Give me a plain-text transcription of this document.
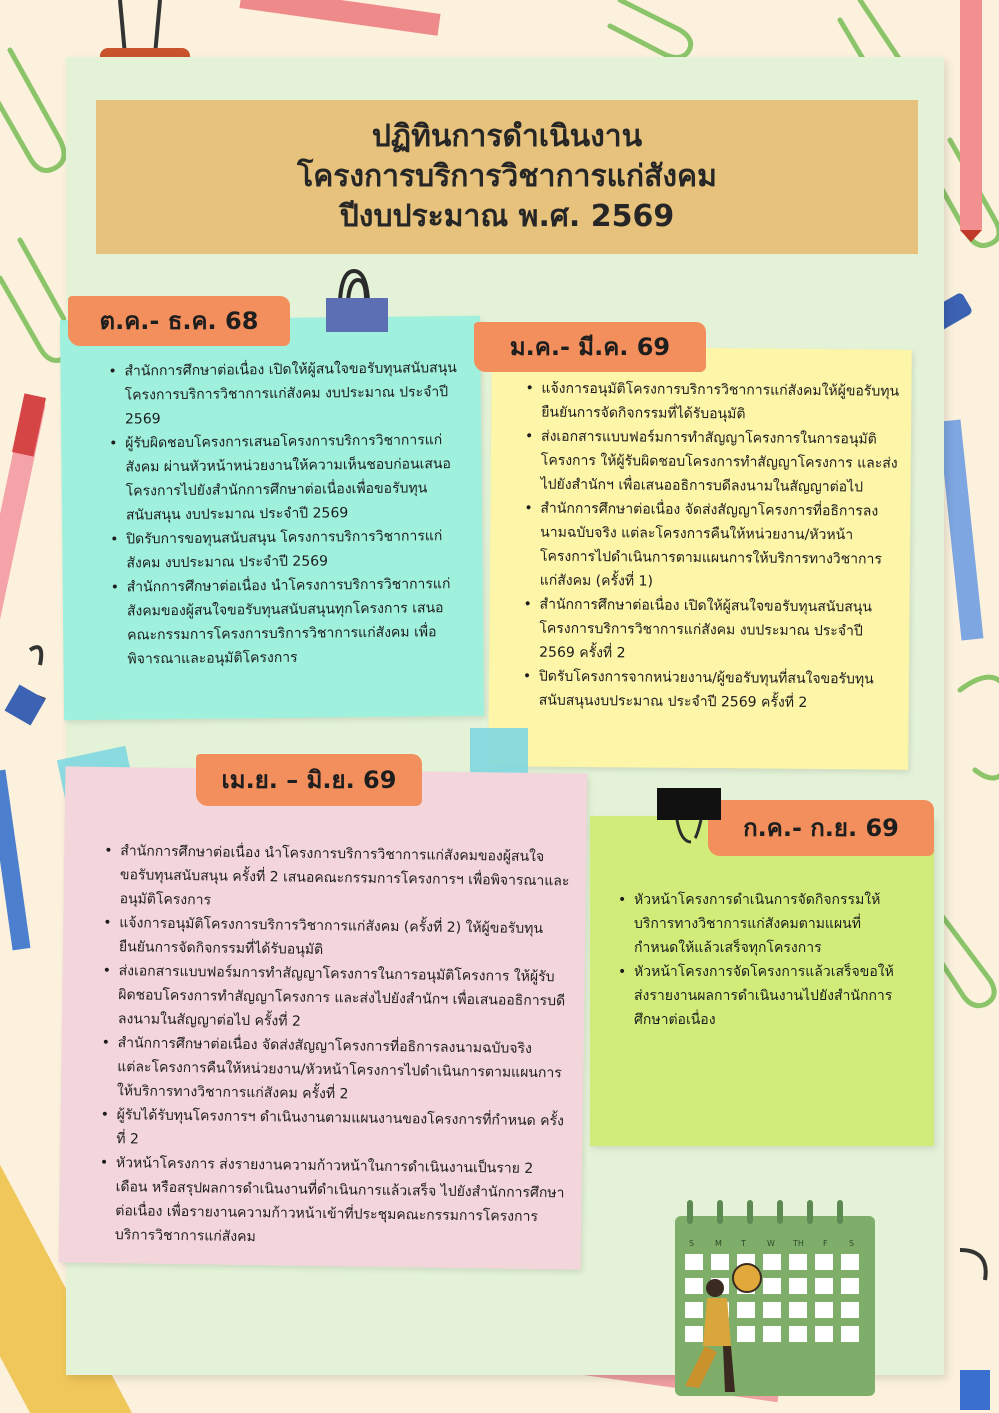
ปฏิทินการดำเนินงาน
โครงการบริการวิชาการแก่สังคม
ปีงบประมาณ พ.ศ. 2569
• สำนักการศึกษาต่อเนื่อง เปิดให้ผู้สนใจขอรับทุนสนับสนุน โครงการบริการวิชาการแก่สังคม งบประมาณ ประจำปี 2569
• ผู้รับผิดชอบโครงการเสนอโครงการบริการวิชาการแก่สังคม ผ่านหัวหน้าหน่วยงานให้ความเห็นชอบก่อนเสนอโครงการไปยังสำนักการศึกษาต่อเนื่องเพื่อขอรับทุนสนับสนุน งบประมาณ ประจำปี 2569
• ปิดรับการขอทุนสนับสนุน โครงการบริการวิชาการแก่สังคม งบประมาณ ประจำปี 2569
• สำนักการศึกษาต่อเนื่อง นำโครงการบริการวิชาการแก่สังคมของผู้สนใจขอรับทุนสนับสนุนทุกโครงการ เสนอคณะกรรมการโครงการบริการวิชาการแก่สังคม เพื่อพิจารณาและอนุมัติโครงการ
ต.ค.- ธ.ค. 68
• แจ้งการอนุมัติโครงการบริการวิชาการแก่สังคมให้ผู้ขอรับทุนยืนยันการจัดกิจกรรมที่ได้รับอนุมัติ
• ส่งเอกสารแบบฟอร์มการทำสัญญาโครงการในการอนุมัติโครงการ ให้ผู้รับผิดชอบโครงการทำสัญญาโครงการ และส่งไปยังสำนักฯ เพื่อเสนออธิการบดีลงนามในสัญญาต่อไป
• สำนักการศึกษาต่อเนื่อง จัดส่งสัญญาโครงการที่อธิการลงนามฉบับจริง แต่ละโครงการคืนให้หน่วยงาน/หัวหน้าโครงการไปดำเนินการตามแผนการให้บริการทางวิชาการแก่สังคม (ครั้งที่ 1)
• สำนักการศึกษาต่อเนื่อง เปิดให้ผู้สนใจขอรับทุนสนับสนุน โครงการบริการวิชาการแก่สังคม งบประมาณ ประจำปี 2569 ครั้งที่ 2
• ปิดรับโครงการจากหน่วยงาน/ผู้ขอรับทุนที่สนใจขอรับทุนสนับสนุนงบประมาณ ประจำปี 2569 ครั้งที่ 2
ม.ค.- มี.ค. 69
• สำนักการศึกษาต่อเนื่อง นำโครงการบริการวิชาการแก่สังคมของผู้สนใจขอรับทุนสนับสนุน ครั้งที่ 2 เสนอคณะกรรมการโครงการฯ เพื่อพิจารณาและอนุมัติโครงการ
• แจ้งการอนุมัติโครงการบริการวิชาการแก่สังคม (ครั้งที่ 2) ให้ผู้ขอรับทุนยืนยันการจัดกิจกรรมที่ได้รับอนุมัติ
• ส่งเอกสารแบบฟอร์มการทำสัญญาโครงการในการอนุมัติโครงการ ให้ผู้รับผิดชอบโครงการทำสัญญาโครงการ และส่งไปยังสำนักฯ เพื่อเสนออธิการบดีลงนามในสัญญาต่อไป ครั้งที่ 2
• สำนักการศึกษาต่อเนื่อง จัดส่งสัญญาโครงการที่อธิการลงนามฉบับจริง แต่ละโครงการคืนให้หน่วยงาน/หัวหน้าโครงการไปดำเนินการตามแผนการให้บริการทางวิชาการแก่สังคม ครั้งที่ 2
• ผู้รับได้รับทุนโครงการฯ ดำเนินงานตามแผนงานของโครงการที่กำหนด ครั้งที่ 2
• หัวหน้าโครงการ ส่งรายงานความก้าวหน้าในการดำเนินงานเป็นราย 2 เดือน หรือสรุปผลการดำเนินงานที่ดำเนินการแล้วเสร็จ ไปยังสำนักการศึกษาต่อเนื่อง เพื่อรายงานความก้าวหน้าเข้าที่ประชุมคณะกรรมการโครงการบริการวิชาการแก่สังคม
เม.ย. – มิ.ย. 69
• หัวหน้าโครงการดำเนินการจัดกิจกรรมให้บริการทางวิชาการแก่สังคมตามแผนที่กำหนดให้แล้วเสร็จทุกโครงการ
• หัวหน้าโครงการจัดโครงการแล้วเสร็จขอให้ส่งรายงานผลการดำเนินงานไปยังสำนักการศึกษาต่อเนื่อง
ก.ค.- ก.ย. 69
S	M T	W TH F	S
